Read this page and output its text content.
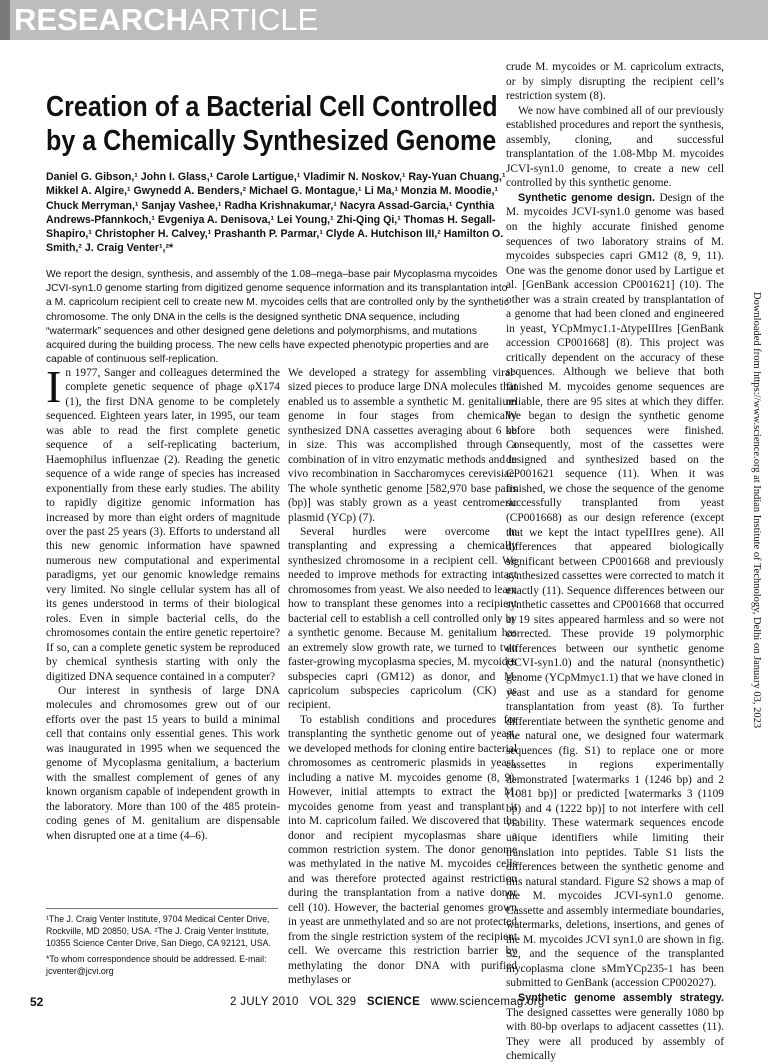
RESEARCHARTICLE
Creation of a Bacterial Cell Controlled by a Chemically Synthesized Genome
Daniel G. Gibson,¹ John I. Glass,¹ Carole Lartigue,¹ Vladimir N. Noskov,¹ Ray-Yuan Chuang,¹ Mikkel A. Algire,¹ Gwynedd A. Benders,² Michael G. Montague,¹ Li Ma,¹ Monzia M. Moodie,¹ Chuck Merryman,¹ Sanjay Vashee,¹ Radha Krishnakumar,¹ Nacyra Assad-Garcia,¹ Cynthia Andrews-Pfannkoch,¹ Evgeniya A. Denisova,¹ Lei Young,¹ Zhi-Qing Qi,¹ Thomas H. Segall-Shapiro,¹ Christopher H. Calvey,¹ Prashanth P. Parmar,¹ Clyde A. Hutchison III,² Hamilton O. Smith,² J. Craig Venter¹,²*
We report the design, synthesis, and assembly of the 1.08–mega–base pair Mycoplasma mycoides JCVI-syn1.0 genome starting from digitized genome sequence information and its transplantation into a M. capricolum recipient cell to create new M. mycoides cells that are controlled only by the synthetic chromosome. The only DNA in the cells is the designed synthetic DNA sequence, including “watermark” sequences and other designed gene deletions and polymorphisms, and mutations acquired during the building process. The new cells have expected phenotypic properties and are capable of continuous self-replication.

In 1977, Sanger and colleagues determined the complete genetic sequence of phage φX174 (1), the first DNA genome to be completely sequenced. Eighteen years later, in 1995, our team was able to read the first complete genetic sequence of a self-replicating bacterium, Haemophilus influenzae (2). Reading the genetic sequence of a wide range of species has increased exponentially from these early studies. The ability to rapidly digitize genomic information has increased by more than eight orders of magnitude over the past 25 years (3). Efforts to understand all this new genomic information have spawned numerous new computational and experimental paradigms, yet our genomic knowledge remains very limited. No single cellular system has all of its genes understood in terms of their biological roles. Even in simple bacterial cells, do the chromosomes contain the entire genetic repertoire? If so, can a complete genetic system be reproduced by chemical synthesis starting with only the digitized DNA sequence contained in a computer?

Our interest in synthesis of large DNA molecules and chromosomes grew out of our efforts over the past 15 years to build a minimal cell that contains only essential genes. This work was inaugurated in 1995 when we sequenced the genome of Mycoplasma genitalium, a bacterium with the smallest complement of genes of any known organism capable of independent growth in the laboratory. More than 100 of the 485 protein-coding genes of M. genitalium are dispensable when disrupted one at a time (4–6).

We developed a strategy for assembling viral-sized pieces to produce large DNA molecules that enabled us to assemble a synthetic M. genitalium genome in four stages from chemically synthesized DNA cassettes averaging about 6 kb in size. This was accomplished through a combination of in vitro enzymatic methods and in vivo recombination in Saccharomyces cerevisiae. The whole synthetic genome [582,970 base pairs (bp)] was stably grown as a yeast centromeric plasmid (YCp) (7).

Several hurdles were overcome in transplanting and expressing a chemically synthesized chromosome in a recipient cell. We needed to improve methods for extracting intact chromosomes from yeast. We also needed to learn how to transplant these genomes into a recipient bacterial cell to establish a cell controlled only by a synthetic genome. Because M. genitalium has an extremely slow growth rate, we turned to two faster-growing mycoplasma species, M. mycoides subspecies capri (GM12) as donor, and M. capricolum subspecies capricolum (CK) as recipient.

To establish conditions and procedures for transplanting the synthetic genome out of yeast, we developed methods for cloning entire bacterial chromosomes as centromeric plasmids in yeast, including a native M. mycoides genome (8, 9). However, initial attempts to extract the M. mycoides genome from yeast and transplant it into M. capricolum failed. We discovered that the donor and recipient mycoplasmas share a common restriction system. The donor genome was methylated in the native M. mycoides cells and was therefore protected against restriction during the transplantation from a native donor cell (10). However, the bacterial genomes grown in yeast are unmethylated and so are not protected from the single restriction system of the recipient cell. We overcame this restriction barrier by methylating the donor DNA with purified methylases or

crude M. mycoides or M. capricolum extracts, or by simply disrupting the recipient cell’s restriction system (8).

We now have combined all of our previously established procedures and report the synthesis, assembly, cloning, and successful transplantation of the 1.08-Mbp M. mycoides JCVI-syn1.0 genome, to create a new cell controlled by this synthetic genome.

Synthetic genome design. Design of the M. mycoides JCVI-syn1.0 genome was based on the highly accurate finished genome sequences of two laboratory strains of M. mycoides subspecies capri GM12 (8, 9, 11). One was the genome donor used by Lartigue et al. [GenBank accession CP001621] (10). The other was a strain created by transplantation of a genome that had been cloned and engineered in yeast, YCpMmyc1.1-ΔtypeIIIres [GenBank accession CP001668] (8). This project was critically dependent on the accuracy of these sequences. Although we believe that both finished M. mycoides genome sequences are reliable, there are 95 sites at which they differ. We began to design the synthetic genome before both sequences were finished. Consequently, most of the cassettes were designed and synthesized based on the CP001621 sequence (11). When it was finished, we chose the sequence of the genome successfully transplanted from yeast (CP001668) as our design reference (except that we kept the intact typeIIIres gene). All differences that appeared biologically significant between CP001668 and previously synthesized cassettes were corrected to match it exactly (11). Sequence differences between our synthetic cassettes and CP001668 that occurred at 19 sites appeared harmless and so were not corrected. These provide 19 polymorphic differences between our synthetic genome (JCVI-syn1.0) and the natural (nonsynthetic) genome (YCpMmyc1.1) that we have cloned in yeast and use as a standard for genome transplantation from yeast (8). To further differentiate between the synthetic genome and the natural one, we designed four watermark sequences (fig. S1) to replace one or more cassettes in regions experimentally demonstrated [watermarks 1 (1246 bp) and 2 (1081 bp)] or predicted [watermarks 3 (1109 bp) and 4 (1222 bp)] to not interfere with cell viability. These watermark sequences encode unique identifiers while limiting their translation into peptides. Table S1 lists the differences between the synthetic genome and this natural standard. Figure S2 shows a map of the M. mycoides JCVI-syn1.0 genome. Cassette and assembly intermediate boundaries, watermarks, deletions, insertions, and genes of the M. mycoides JCVI syn1.0 are shown in fig. S2, and the sequence of the transplanted mycoplasma clone sMmYCp235-1 has been submitted to GenBank (accession CP002027).

Synthetic genome assembly strategy. The designed cassettes were generally 1080 bp with 80-bp overlaps to adjacent cassettes (11). They were all produced by assembly of chemically

¹The J. Craig Venter Institute, 9704 Medical Center Drive, Rockville, MD 20850, USA. ²The J. Craig Venter Institute, 10355 Science Center Drive, San Diego, CA 92121, USA.

*To whom correspondence should be addressed. E-mail: jcventer@jcvi.org

Downloaded from https://www.science.org at Indian Institute of Technology, Delhi on January 03, 2023
52	2 JULY 2010 VOL 329 SCIENCE www.sciencemag.org
